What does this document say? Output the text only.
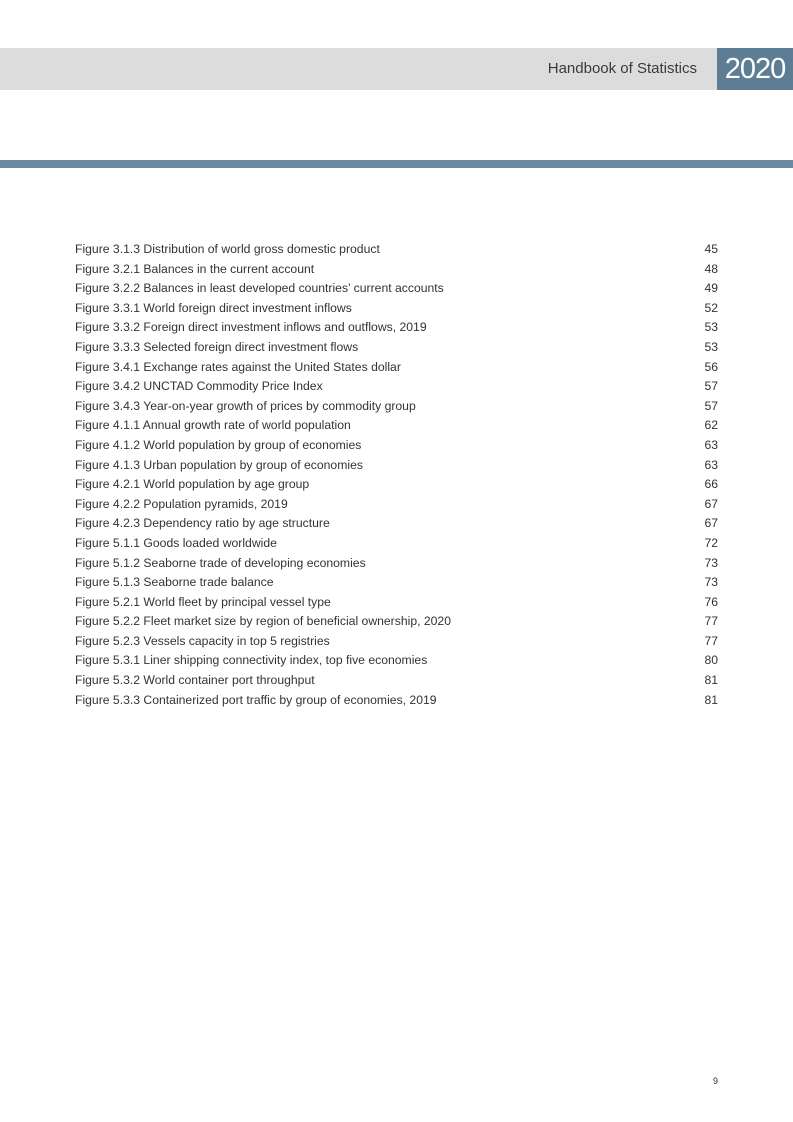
Handbook of Statistics 2020
Figure 3.1.3 Distribution of world gross domestic product	45
Figure 3.2.1 Balances in the current account	48
Figure 3.2.2 Balances in least developed countries’ current accounts	49
Figure 3.3.1 World foreign direct investment inflows	52
Figure 3.3.2 Foreign direct investment inflows and outflows, 2019	53
Figure 3.3.3 Selected foreign direct investment flows	53
Figure 3.4.1 Exchange rates against the United States dollar	56
Figure 3.4.2 UNCTAD Commodity Price Index	57
Figure 3.4.3 Year-on-year growth of prices by commodity group	57
Figure 4.1.1 Annual growth rate of world population	62
Figure 4.1.2 World population by group of economies	63
Figure 4.1.3 Urban population by group of economies	63
Figure 4.2.1 World population by age group	66
Figure 4.2.2 Population pyramids, 2019	67
Figure 4.2.3 Dependency ratio by age structure	67
Figure 5.1.1 Goods loaded worldwide	72
Figure 5.1.2 Seaborne trade of developing economies	73
Figure 5.1.3 Seaborne trade balance	73
Figure 5.2.1 World fleet by principal vessel type	76
Figure 5.2.2 Fleet market size by region of beneficial ownership, 2020	77
Figure 5.2.3 Vessels capacity in top 5 registries	77
Figure 5.3.1 Liner shipping connectivity index, top five economies	80
Figure 5.3.2 World container port throughput	81
Figure 5.3.3 Containerized port traffic by group of economies, 2019	81
9
